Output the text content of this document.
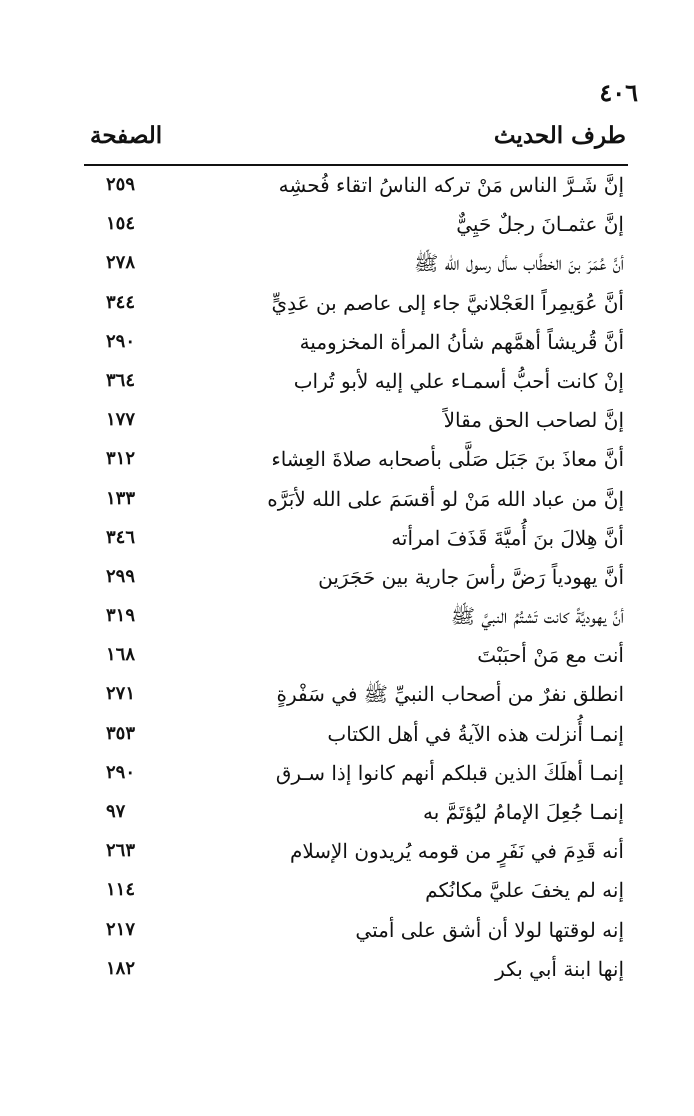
٤٠٦
طرف الحديث
الصفحة
إنَّ شَـرَّ الناس مَنْ تركه الناسُ اتقاء فُحشِه
٢٥٩
إنَّ عثمـانَ رجلٌ حَيِيٌّ
١٥٤
أنَّ عُمَرَ بنَ الخطَّاب سأل رسول الله ﷺ
٢٧٨
أنَّ عُوَيمِراً العَجْلانيَّ جاء إلى عاصم بن عَدِيٍّ
٣٤٤
أنَّ قُريشاً أهمَّهم شأنُ المرأة المخزومية
٢٩٠
إنْ كانت أحبُّ أسمـاء علي إليه لأبو تُراب
٣٦٤
إنَّ لصاحب الحق مقالاً
١٧٧
أنَّ معاذَ بنَ جَبَل صَلَّى بأصحابه صلاةَ العِشاء
٣١٢
إنَّ من عباد الله مَنْ لو أقسَمَ على الله لأبَرَّه
١٣٣
أنَّ هِلالَ بنَ أُميَّةَ قَذَفَ امرأته
٣٤٦
أنَّ يهودياً رَضَّ رأسَ جارية بين حَجَرَين
٢٩٩
أنَّ يهوديَّةً كانت تَشتُمُ النبيَّ ﷺ
٣١٩
أنت مع مَنْ أحبَبْتَ
١٦٨
انطلق نفرٌ من أصحاب النبيِّ ﷺ في سَفْرةٍ
٢٧١
إنمـا أُنزلت هذه الآيةُ في أهل الكتاب
٣٥٣
إنمـا أهلَكَ الذين قبلكم أنهم كانوا إذا سـرق
٢٩٠
إنمـا جُعِلَ الإمامُ ليُؤتَمَّ به
٩٧
أنه قَدِمَ في نَفَرٍ من قومه يُريدون الإسلام
٢٦٣
إنه لم يخفَ عليَّ مكانُكم
١١٤
إنه لوقتها لولا أن أشق على أمتي
٢١٧
إنها ابنة أبي بكر
١٨٢
